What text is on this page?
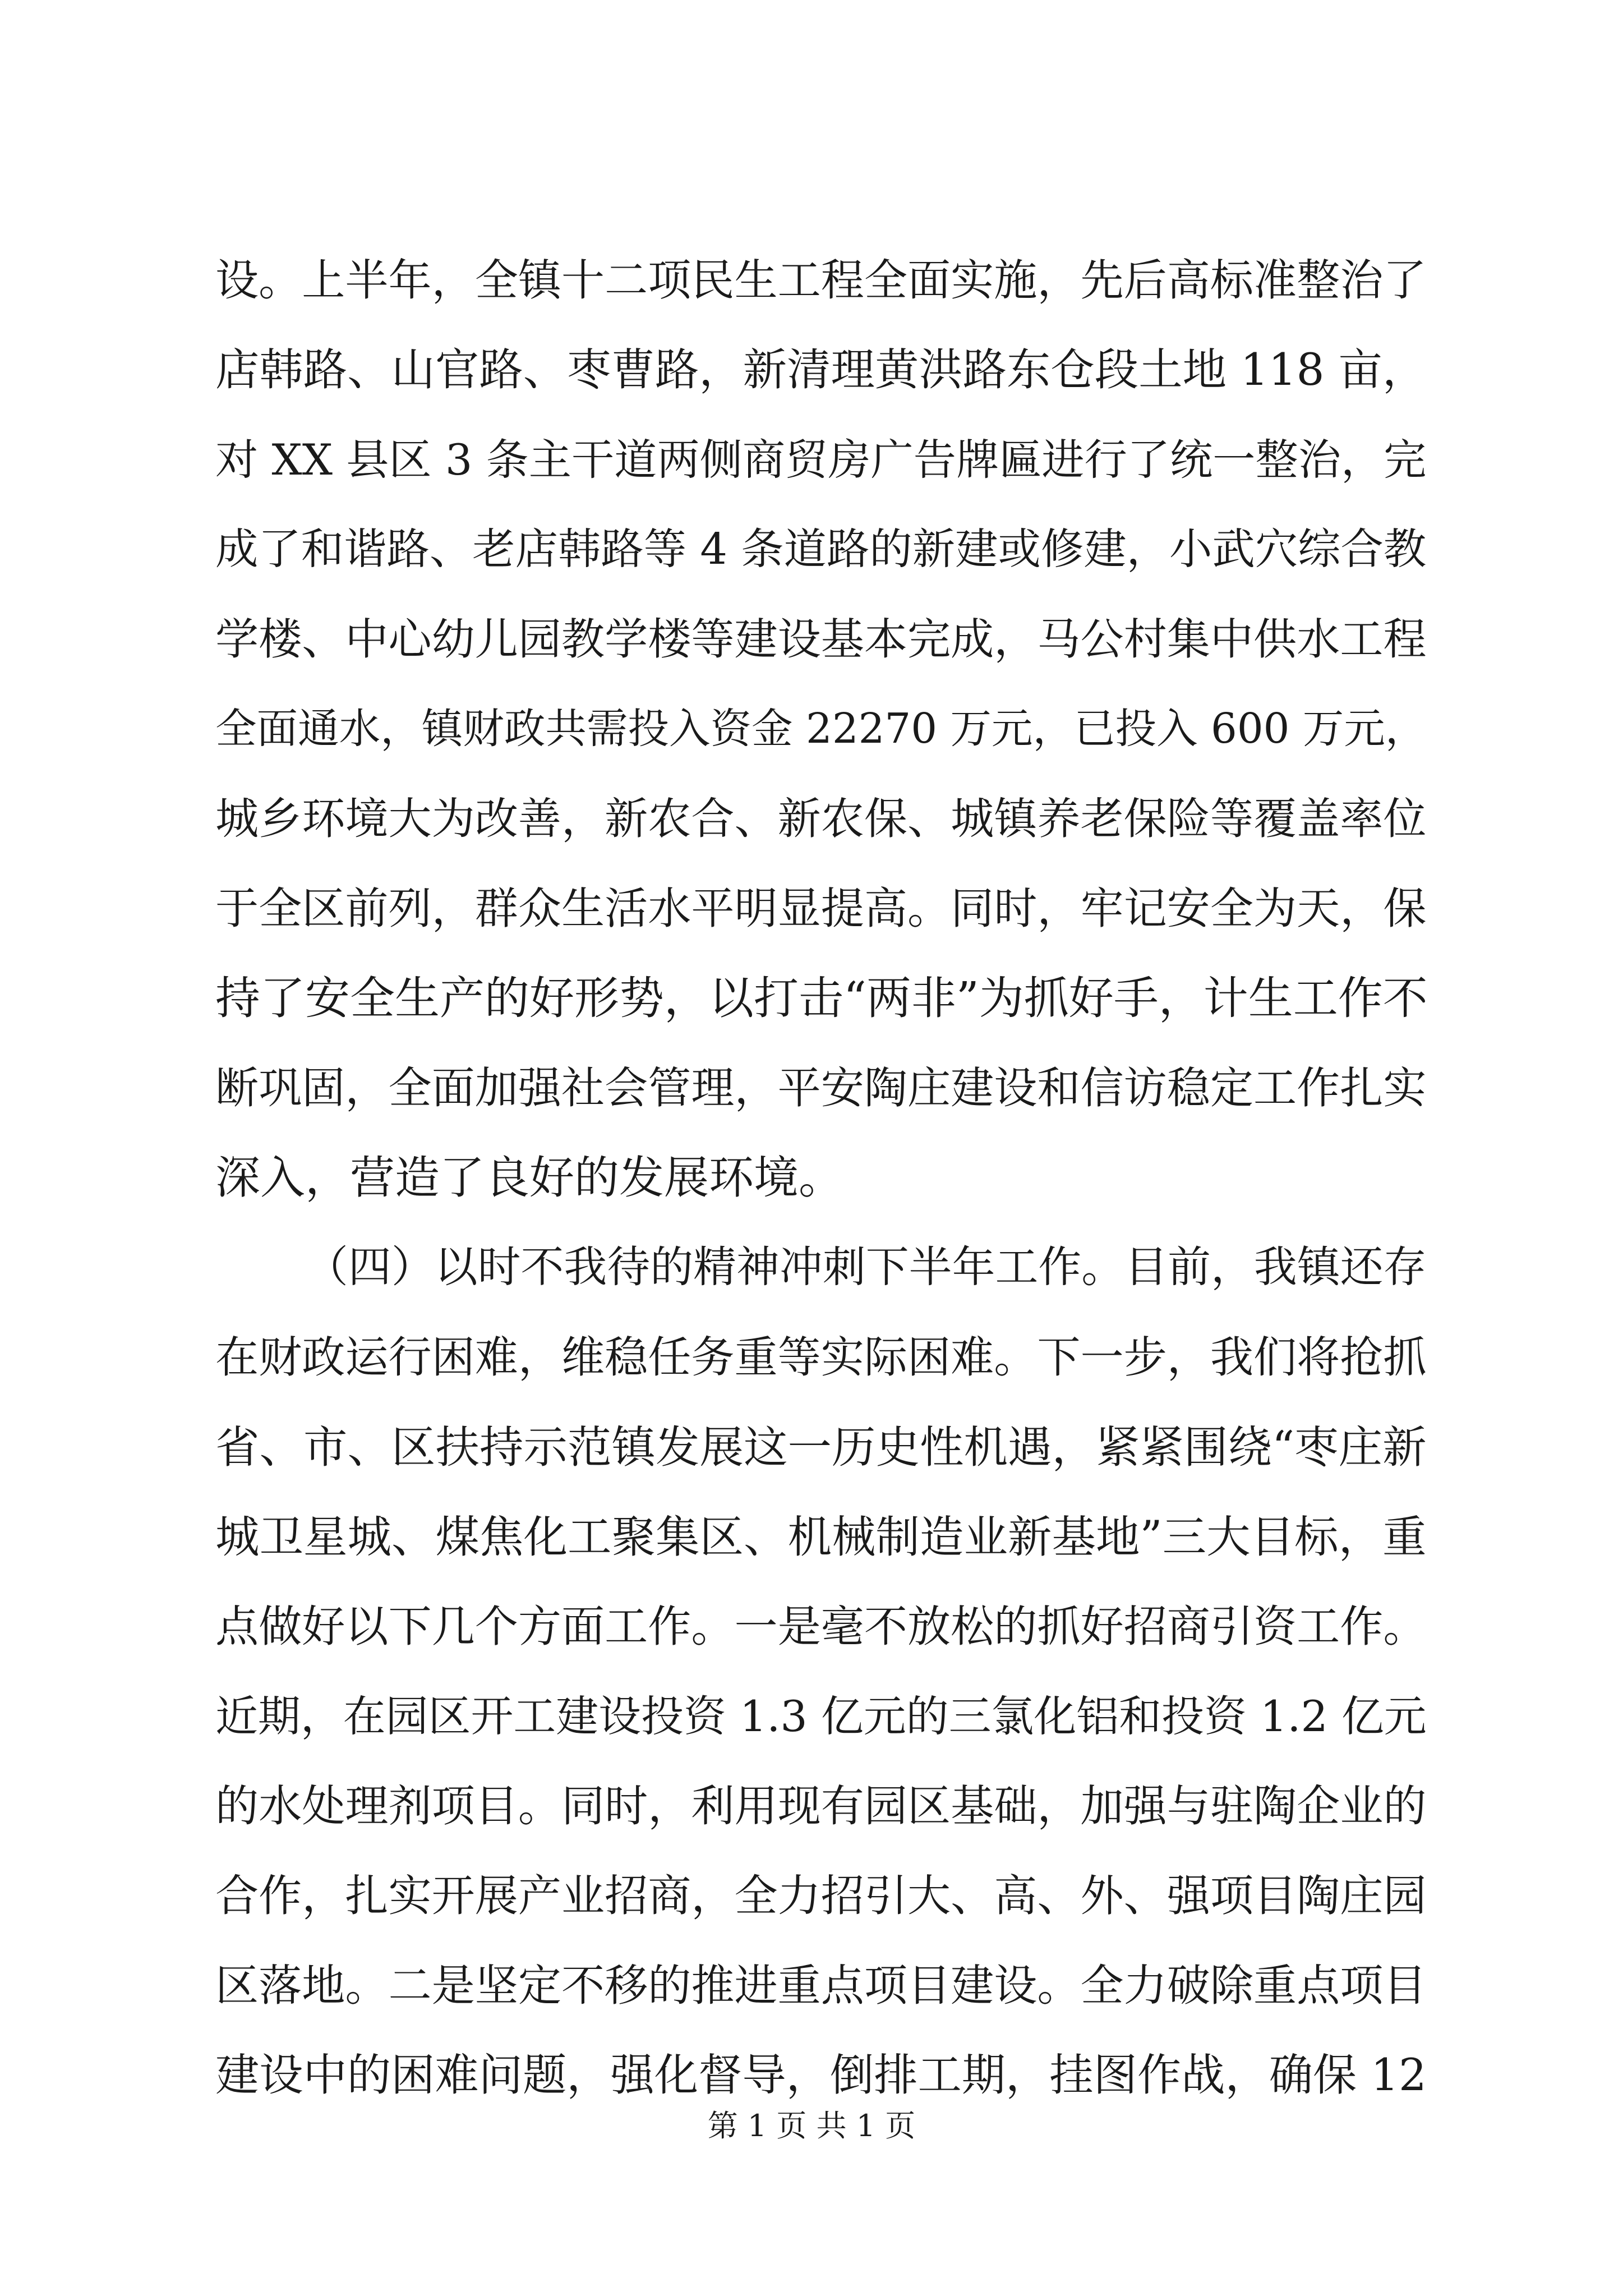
设。上半年，全镇十二项民生工程全面实施，先后高标准整治了
店韩路、山官路、枣曹路，新清理黄洪路东仓段土地 118 亩，
对 XX 县区 3 条主干道两侧商贸房广告牌匾进行了统一整治，完
成了和谐路、老店韩路等 4 条道路的新建或修建，小武穴综合教
学楼、中心幼儿园教学楼等建设基本完成，马公村集中供水工程
全面通水，镇财政共需投入资金 22270 万元，已投入 600 万元，
城乡环境大为改善，新农合、新农保、城镇养老保险等覆盖率位
于全区前列，群众生活水平明显提高。同时，牢记安全为天，保
持了安全生产的好形势，以打击“两非”为抓好手，计生工作不
断巩固，全面加强社会管理，平安陶庄建设和信访稳定工作扎实
深入，营造了良好的发展环境。
（四）以时不我待的精神冲刺下半年工作。目前，我镇还存
在财政运行困难，维稳任务重等实际困难。下一步，我们将抢抓
省、市、区扶持示范镇发展这一历史性机遇，紧紧围绕“枣庄新
城卫星城、煤焦化工聚集区、机械制造业新基地”三大目标，重
点做好以下几个方面工作。一是毫不放松的抓好招商引资工作。
近期，在园区开工建设投资 1.3 亿元的三氯化铝和投资 1.2 亿元
的水处理剂项目。同时，利用现有园区基础，加强与驻陶企业的
合作，扎实开展产业招商，全力招引大、高、外、强项目陶庄园
区落地。二是坚定不移的推进重点项目建设。全力破除重点项目
建设中的困难问题，强化督导，倒排工期，挂图作战，确保 12
第 1 页 共 1 页
